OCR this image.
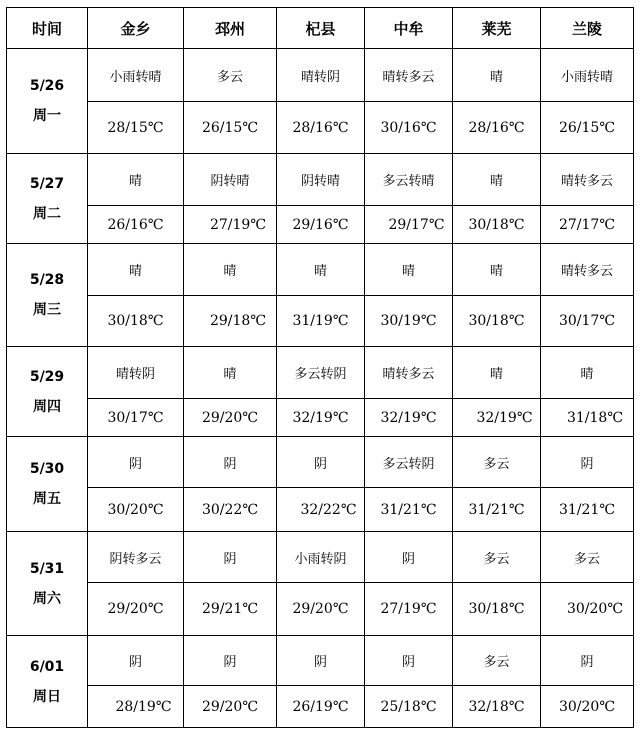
时间	金乡	邳州	杞县	中牟	莱芜	兰陵

5/26
周一	小雨转晴	多云	晴转阴	晴转多云	晴	小雨转晴
	28/15℃	26/15℃	28/16℃	30/16℃	28/16℃	26/15℃

5/27
周二	晴	阴转晴	阴转晴	多云转晴	晴	晴转多云
	26/16℃	27/19℃	29/16℃	29/17℃	30/18℃	27/17℃

5/28
周三	晴	晴	晴	晴	晴	晴转多云
	30/18℃	29/18℃	31/19℃	30/19℃	30/18℃	30/17℃

5/29
周四	晴转阴	晴	多云转阴	晴转多云	晴	晴
	30/17℃	29/20℃	32/19℃	32/19℃	32/19℃	31/18℃

5/30
周五	阴	阴	阴	多云转阴	多云	阴
	30/20℃	30/22℃	32/22℃	31/21℃	31/21℃	31/21℃

5/31
周六	阴转多云	阴	小雨转阴	阴	多云	多云
	29/20℃	29/21℃	29/20℃	27/19℃	30/18℃	30/20℃

6/01
周日	阴	阴	阴	阴	多云	阴
	28/19℃	29/20℃	26/19℃	25/18℃	32/18℃	30/20℃
